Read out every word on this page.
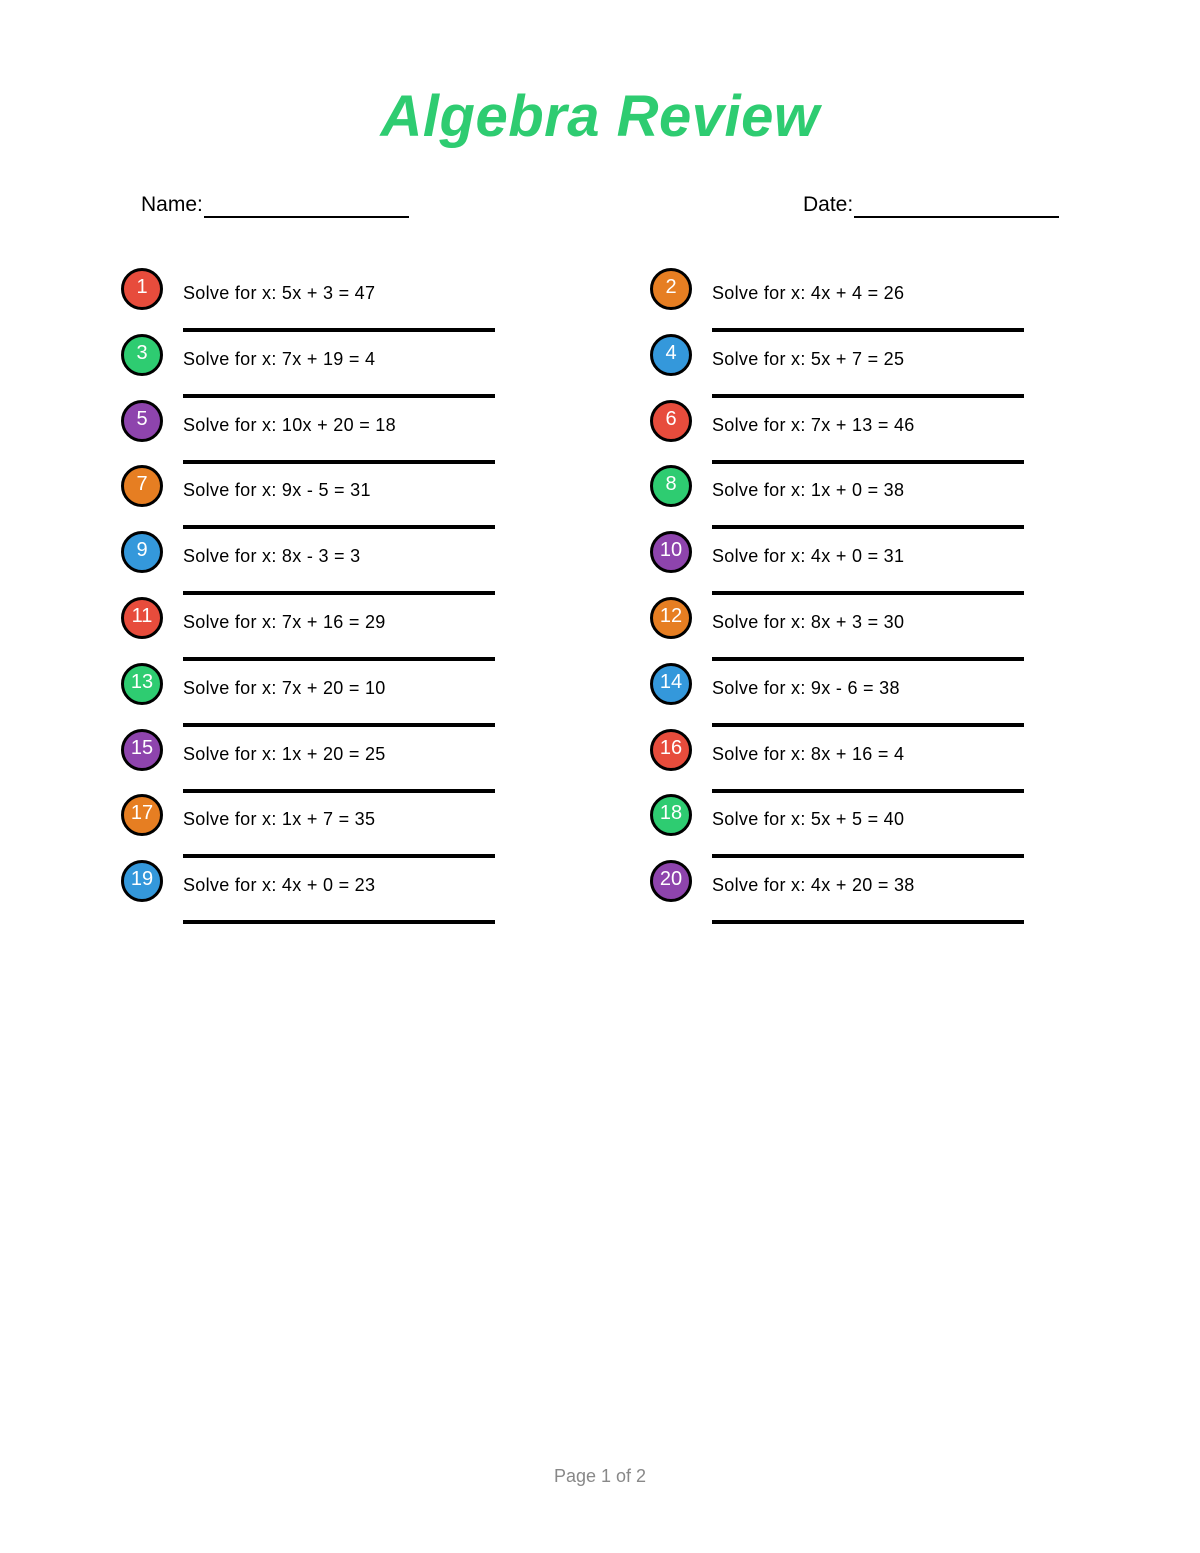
Algebra Review
Name:	Date:
1	Solve for x: 5x + 3 = 47	2	Solve for x: 4x + 4 = 26
3	Solve for x: 7x + 19 = 4	4	Solve for x: 5x + 7 = 25
5	Solve for x: 10x + 20 = 18	6	Solve for x: 7x + 13 = 46
7	Solve for x: 9x - 5 = 31	8	Solve for x: 1x + 0 = 38
9	Solve for x: 8x - 3 = 3	10	Solve for x: 4x + 0 = 31
11	Solve for x: 7x + 16 = 29	12	Solve for x: 8x + 3 = 30
13	Solve for x: 7x + 20 = 10	14	Solve for x: 9x - 6 = 38
15	Solve for x: 1x + 20 = 25	16	Solve for x: 8x + 16 = 4
17	Solve for x: 1x + 7 = 35	18	Solve for x: 5x + 5 = 40
19	Solve for x: 4x + 0 = 23	20	Solve for x: 4x + 20 = 38
Page 1 of 2
